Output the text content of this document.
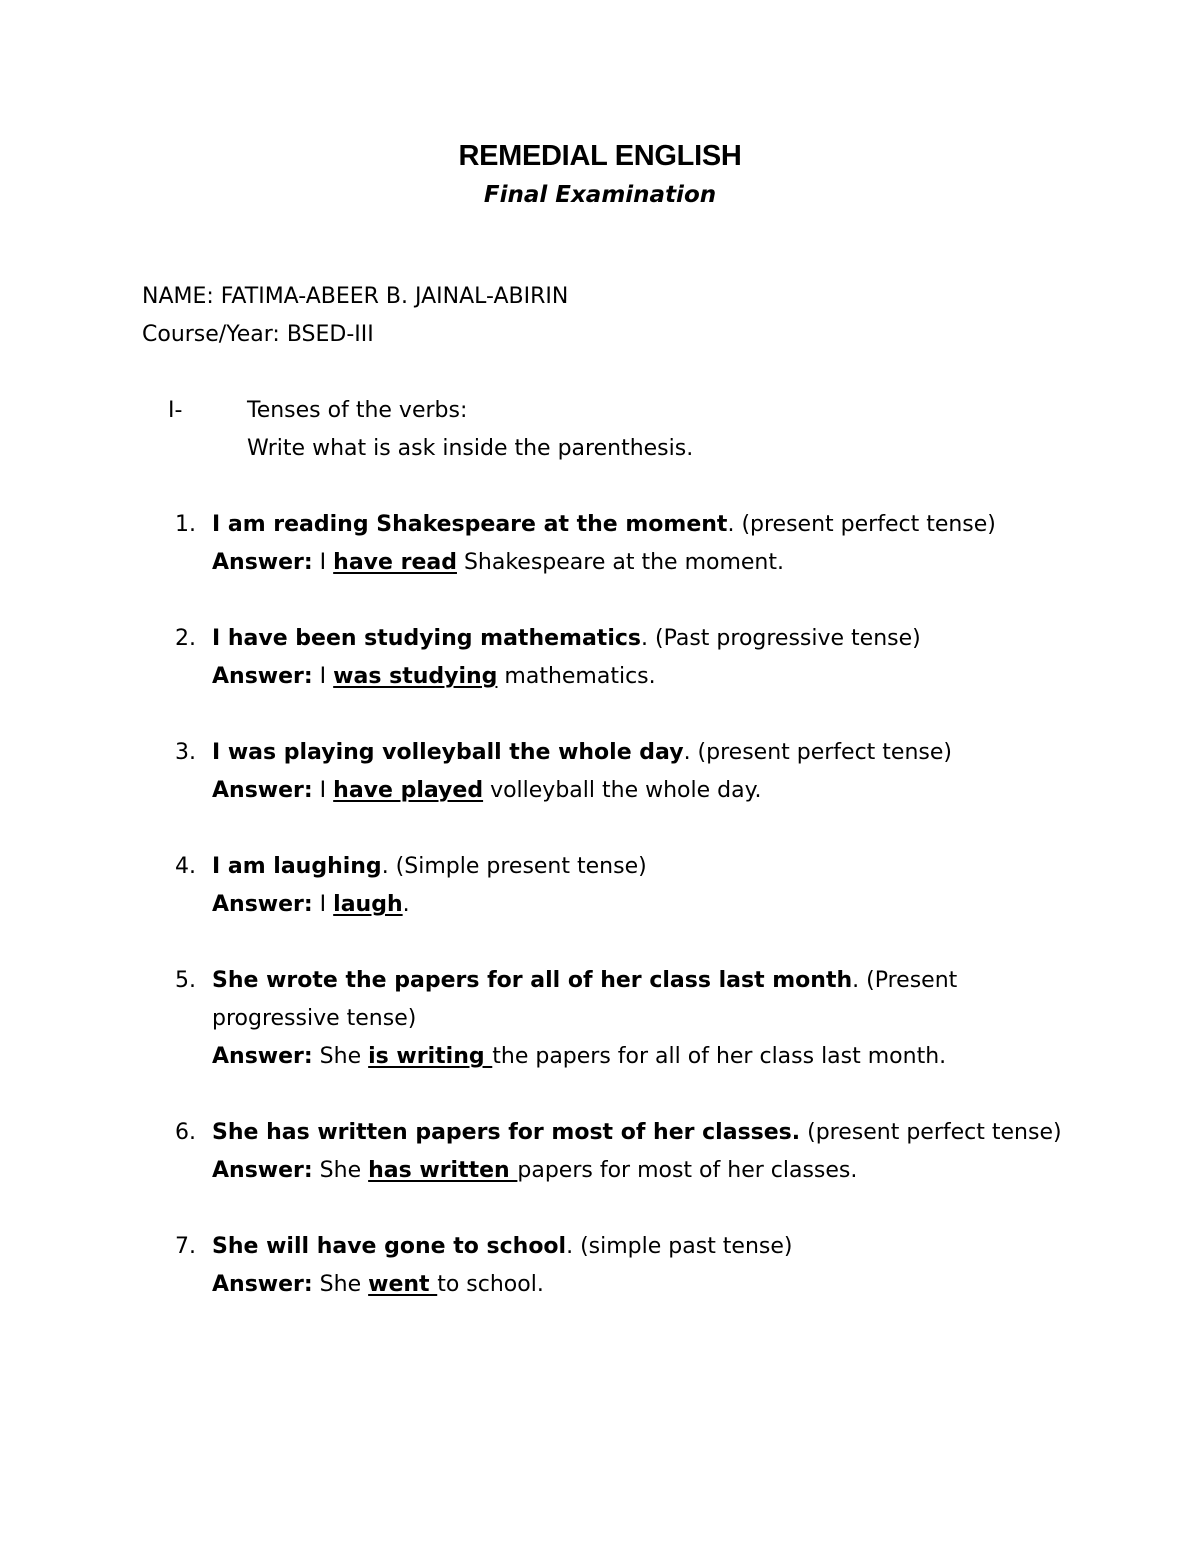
REMEDIAL ENGLISH
Final Examination
NAME: FATIMA-ABEER B. JAINAL-ABIRIN
Course/Year: BSED-III
I-	Tenses of the verbs:
Write what is ask inside the parenthesis.
1. I am reading Shakespeare at the moment. (present perfect tense)
Answer: I have read Shakespeare at the moment.
2. I have been studying mathematics. (Past progressive tense)
Answer: I was studying mathematics.
3. I was playing volleyball the whole day. (present perfect tense)
Answer: I have played volleyball the whole day.
4. I am laughing. (Simple present tense)
Answer: I laugh.
5. She wrote the papers for all of her class last month. (Present progressive tense)
Answer: She is writing the papers for all of her class last month.
6. She has written papers for most of her classes. (present perfect tense)
Answer: She has written papers for most of her classes.
7. She will have gone to school. (simple past tense)
Answer: She went to school.
